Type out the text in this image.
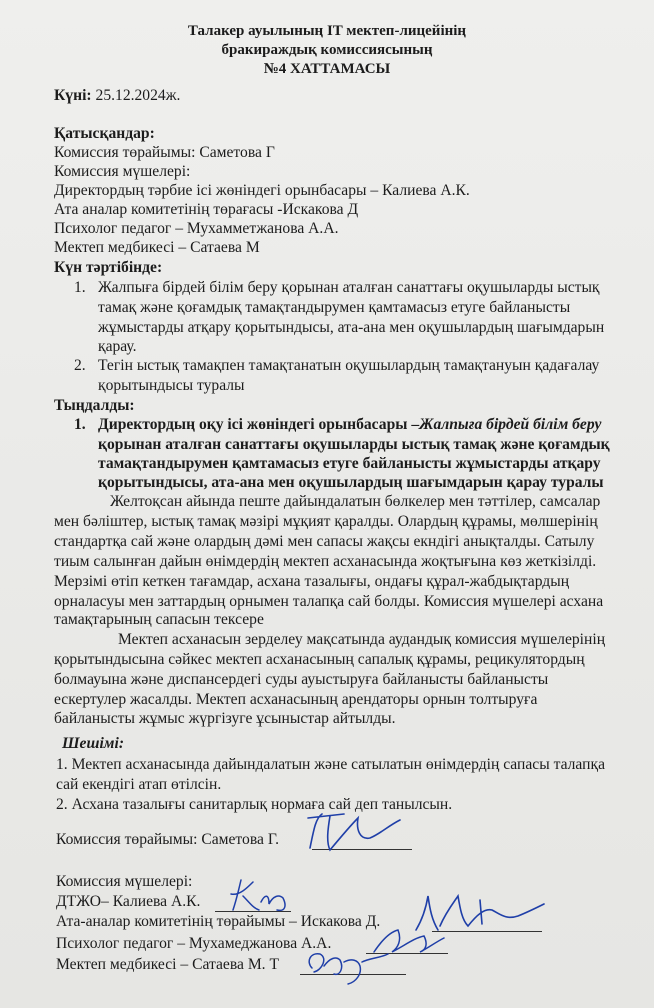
Талакер ауылының IT мектеп-лицейінің
бракираждық комиссиясының
№4 ХАТТАМАСЫ
Күні: 25.12.2024ж.
Қатысқандар:
Комиссия төрайымы: Саметова Г
Комиссия мүшелері:
Директордың тәрбие ісі жөніндегі орынбасары – Калиева А.К.
Ата аналар комитетінің төрағасы -Искакова Д
Психолог педагог – Мухамметжанова А.А.
Мектеп медбикесі – Сатаева М
Күн тәртібінде:
1. Жалпыға бірдей білім беру қорынан аталған санаттағы оқушыларды ыстық
тамақ және қоғамдық тамақтандырумен қамтамасыз етуге байланысты
жұмыстарды атқару қорытындысы, ата-ана мен оқушылардың шағымдарын
қарау.
2. Тегін ыстық тамақпен тамақтанатын оқушылардың тамақтануын қадағалау
қорытындысы туралы
Тыңдалды:
1. Директордың оқу ісі жөніндегі орынбасары –Жалпыға бірдей білім беру
қорынан аталған санаттағы оқушыларды ыстық тамақ және қоғамдық
тамақтандырумен қамтамасыз етуге байланысты жұмыстарды атқару
қорытындысы, ата-ана мен оқушылардың шағымдарын қарау туралы
Желтоқсан айында пеште дайындалатын бөлкелер мен тәттілер, самсалар
мен бәліштер, ыстық тамақ мәзірі мұқият қаралды. Олардың құрамы, мөлшерінің
стандартқа сай және олардың дәмі мен сапасы жақсы екндігі анықталды. Сатылу
тиым салынған дайын өнімдердің мектеп асханасында жоқтығына көз жеткізілді.
Мерзімі өтіп кеткен тағамдар, асхана тазалығы, ондағы құрал-жабдықтардың
орналасуы мен заттардың орнымен талапқа сай болды. Комиссия мүшелері асхана
тамақтарының сапасын тексере
Мектеп асханасын зерделеу мақсатында аудандық комиссия мүшелерінің
қорытындысына сәйкес мектеп асханасының сапалық құрамы, рецикулятордың
болмауына және диспансердегі суды ауыстыруға байланысты байланысты
ескертулер жасалды. Мектеп асханасының арендаторы орнын толтыруға
байланысты жұмыс жүргізуге ұсыныстар айтылды.
Шешімі:
1. Мектеп асханасында дайындалатын және сатылатын өнімдердің сапасы талапқа
сай екендігі атап өтілсін.
2. Асхана тазалығы санитарлық нормаға сай деп танылсын.
Комиссия төрайымы: Саметова Г.
Комиссия мүшелері:
ДТЖО– Калиева А.К.
Ата-аналар комитетінің төрайымы – Искакова Д.
Психолог педагог – Мухамеджанова А.А.
Мектеп медбикесі – Сатаева М. Т
